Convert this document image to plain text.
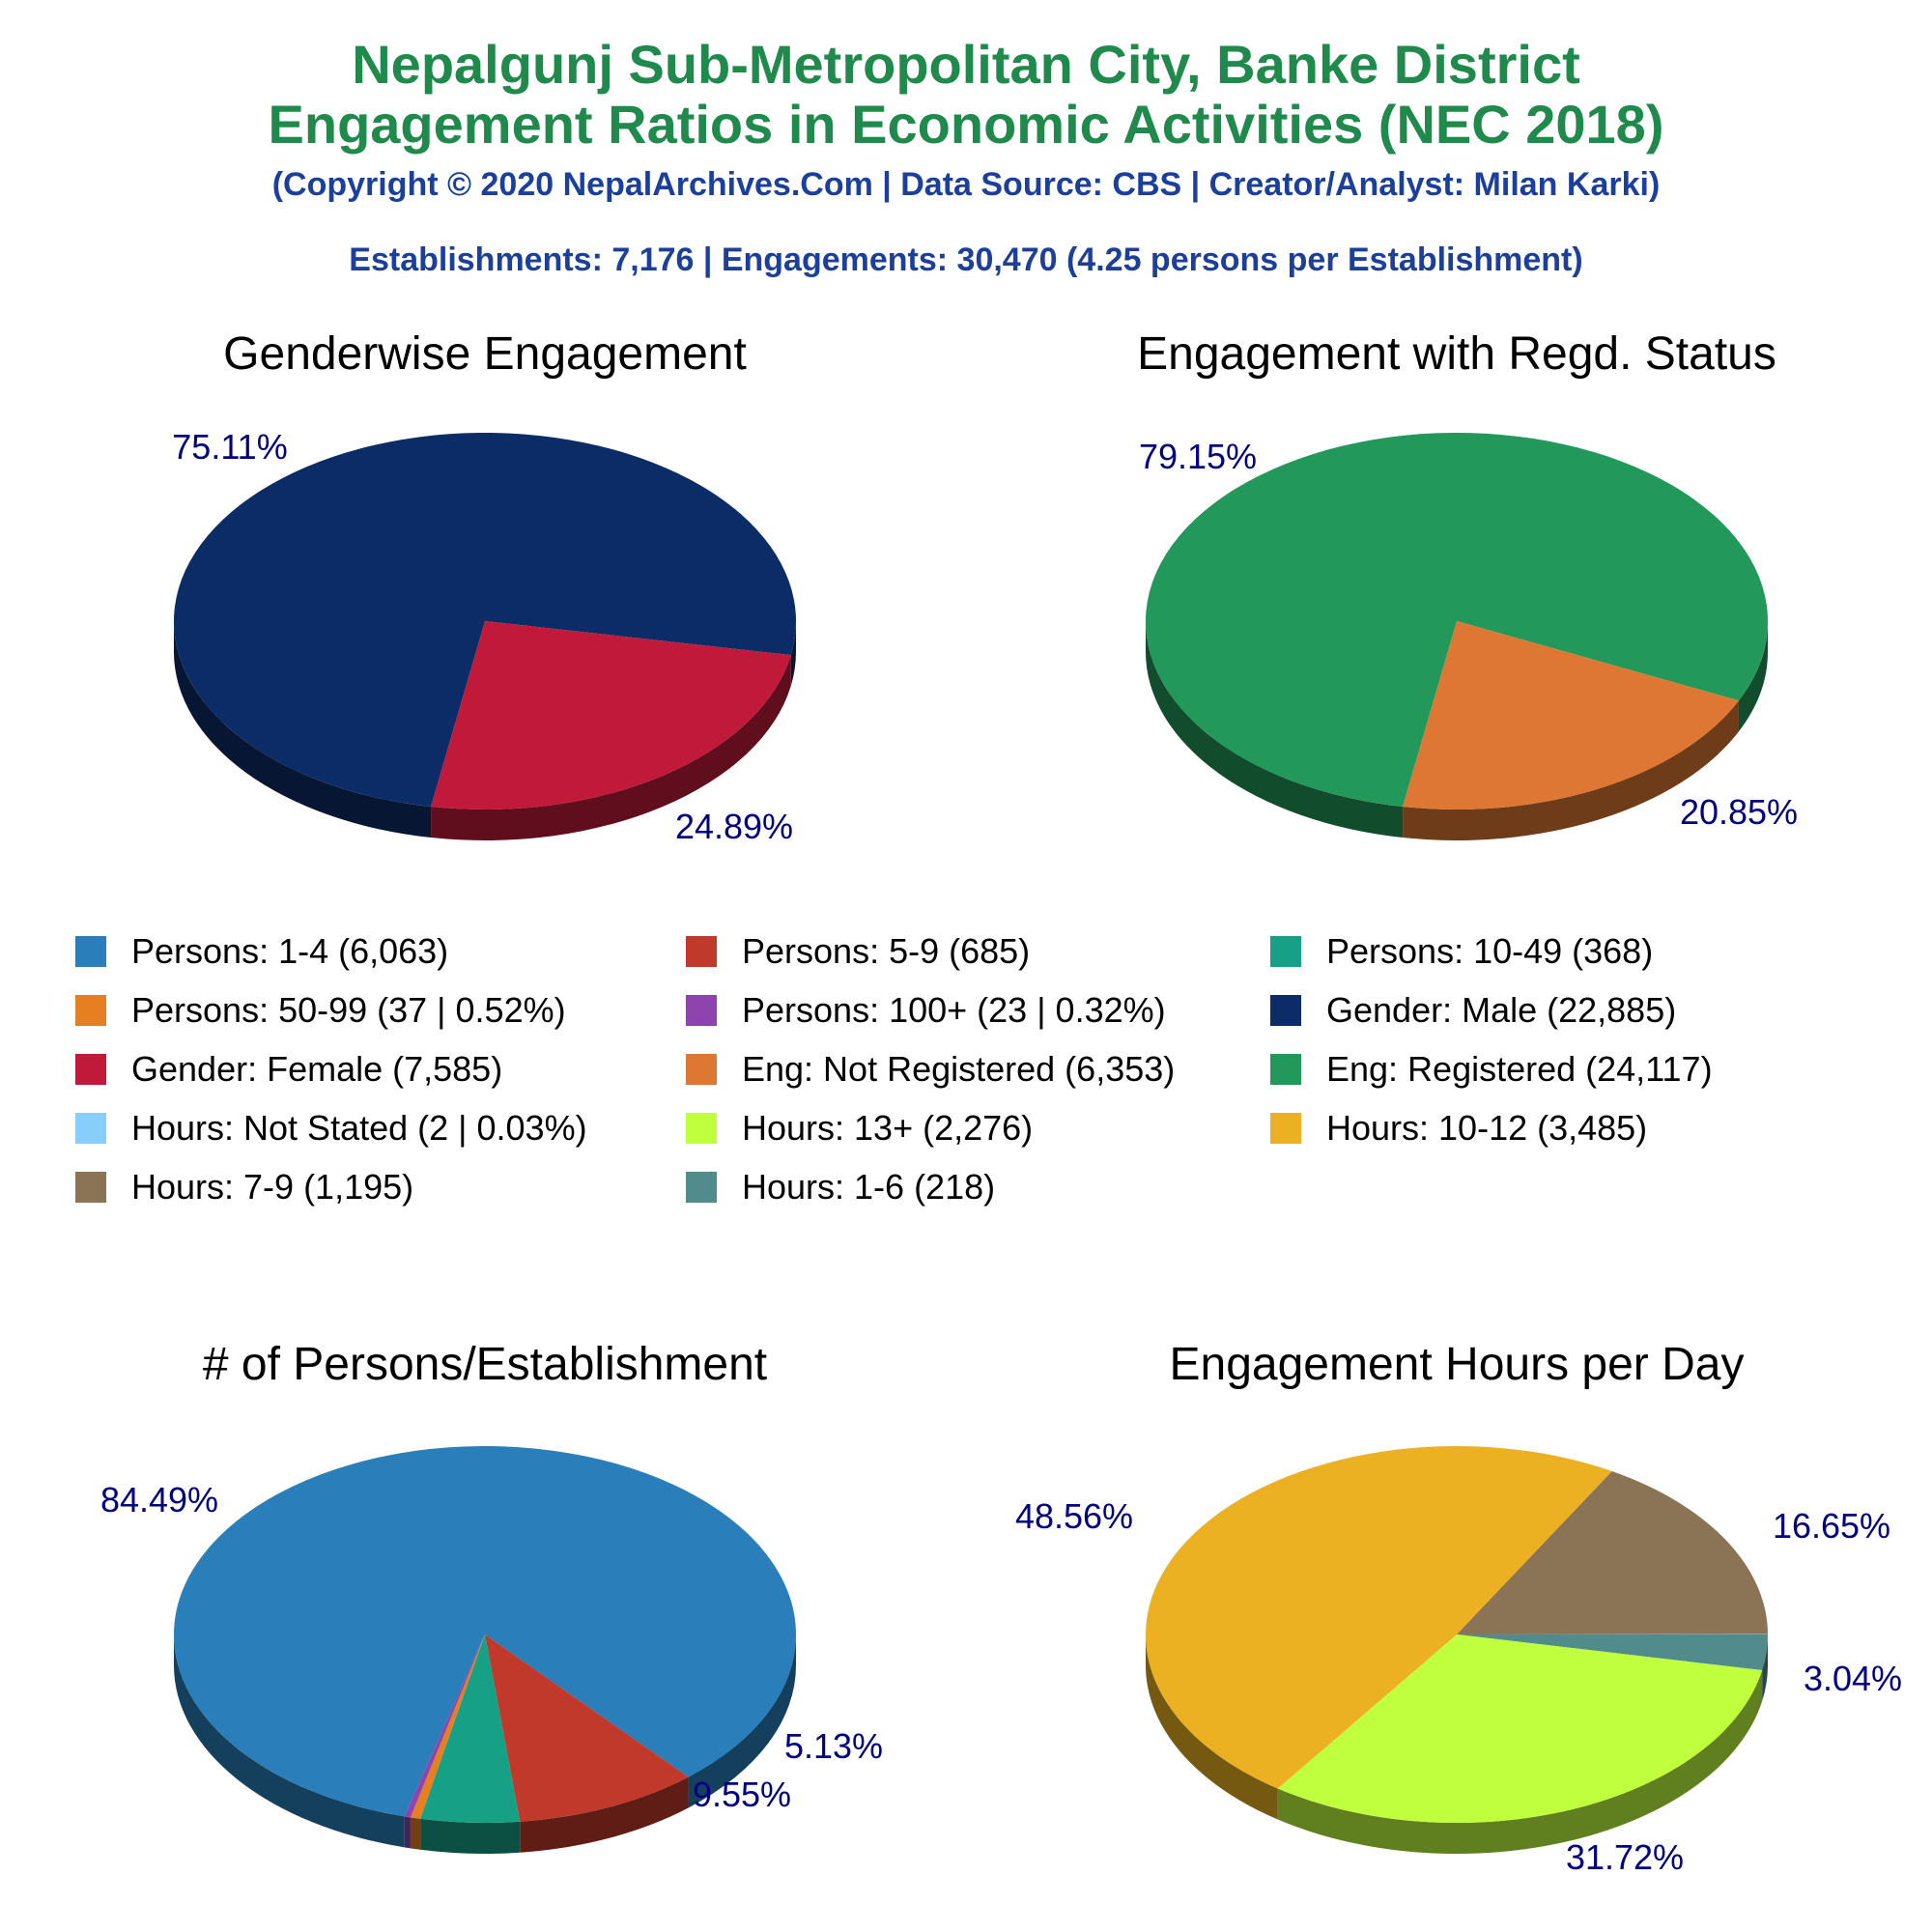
Nepalgunj Sub-Metropolitan City, Banke District
Engagement Ratios in Economic Activities (NEC 2018)
(Copyright © 2020 NepalArchives.Com | Data Source: CBS | Creator/Analyst: Milan Karki)
Establishments: 7,176 | Engagements: 30,470 (4.25 persons per Establishment)
Genderwise Engagement
75.11%
24.89%
Engagement with Regd. Status
79.15%
20.85%
# of Persons/Establishment
84.49%
9.55%
5.13%
Engagement Hours per Day
3.04%
31.72%
48.56%	16.65%
Persons: 1-4 (6,063)	Persons: 5-9 (685)	Persons: 10-49 (368)
Persons: 50-99 (37 | 0.52%)	Persons: 100+ (23 | 0.32%)	Gender: Male (22,885)
Gender: Female (7,585)	Eng: Not Registered (6,353)	Eng: Registered (24,117)
Hours: Not Stated (2 | 0.03%)	Hours: 13+ (2,276)	Hours: 10-12 (3,485)
Hours: 7-9 (1,195)	Hours: 1-6 (218)
